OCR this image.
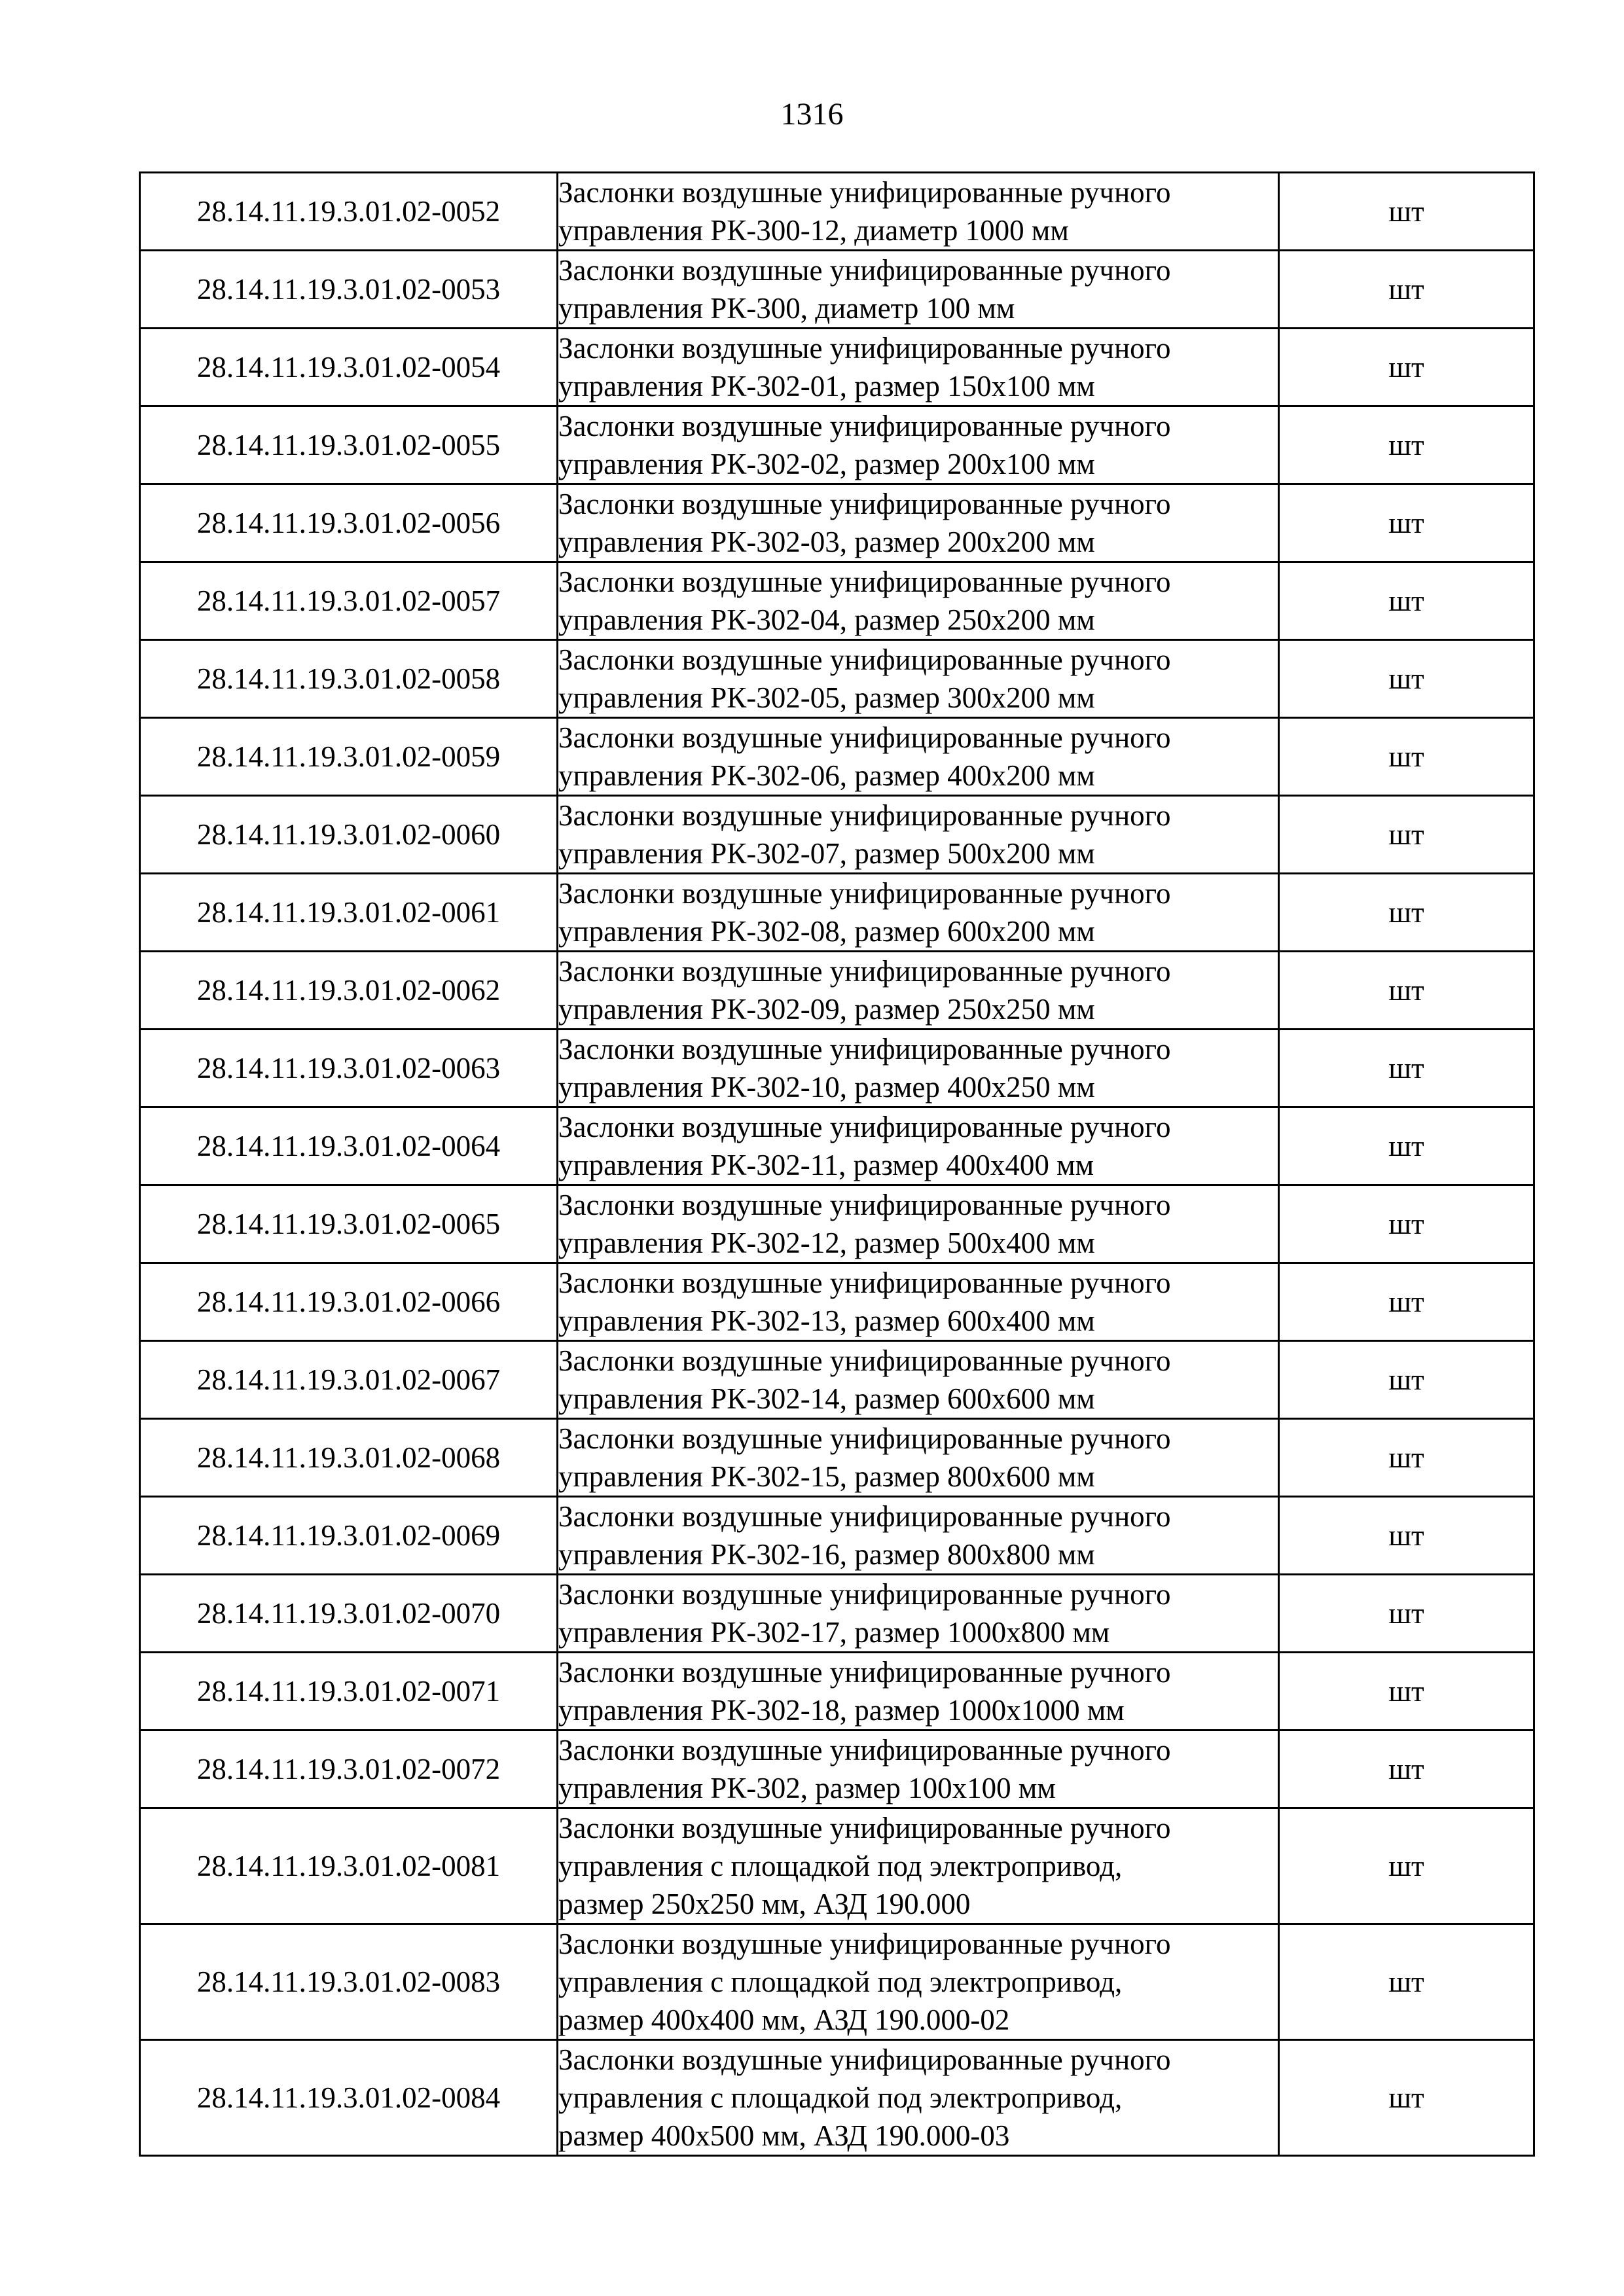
1316
28.14.11.19.3.01.02-0052	Заслонки воздушные унифицированные ручного
управления РК-300-12, диаметр 1000 мм	шт
28.14.11.19.3.01.02-0053	Заслонки воздушные унифицированные ручного
управления РК-300, диаметр 100 мм	шт
28.14.11.19.3.01.02-0054	Заслонки воздушные унифицированные ручного
управления РК-302-01, размер 150х100 мм	шт
28.14.11.19.3.01.02-0055	Заслонки воздушные унифицированные ручного
управления РК-302-02, размер 200х100 мм	шт
28.14.11.19.3.01.02-0056	Заслонки воздушные унифицированные ручного
управления РК-302-03, размер 200х200 мм	шт
28.14.11.19.3.01.02-0057	Заслонки воздушные унифицированные ручного
управления РК-302-04, размер 250х200 мм	шт
28.14.11.19.3.01.02-0058	Заслонки воздушные унифицированные ручного
управления РК-302-05, размер 300х200 мм	шт
28.14.11.19.3.01.02-0059	Заслонки воздушные унифицированные ручного
управления РК-302-06, размер 400х200 мм	шт
28.14.11.19.3.01.02-0060	Заслонки воздушные унифицированные ручного
управления РК-302-07, размер 500х200 мм	шт
28.14.11.19.3.01.02-0061	Заслонки воздушные унифицированные ручного
управления РК-302-08, размер 600х200 мм	шт
28.14.11.19.3.01.02-0062	Заслонки воздушные унифицированные ручного
управления РК-302-09, размер 250х250 мм	шт
28.14.11.19.3.01.02-0063	Заслонки воздушные унифицированные ручного
управления РК-302-10, размер 400х250 мм	шт
28.14.11.19.3.01.02-0064	Заслонки воздушные унифицированные ручного
управления РК-302-11, размер 400х400 мм	шт
28.14.11.19.3.01.02-0065	Заслонки воздушные унифицированные ручного
управления РК-302-12, размер 500х400 мм	шт
28.14.11.19.3.01.02-0066	Заслонки воздушные унифицированные ручного
управления РК-302-13, размер 600х400 мм	шт
28.14.11.19.3.01.02-0067	Заслонки воздушные унифицированные ручного
управления РК-302-14, размер 600х600 мм	шт
28.14.11.19.3.01.02-0068	Заслонки воздушные унифицированные ручного
управления РК-302-15, размер 800х600 мм	шт
28.14.11.19.3.01.02-0069	Заслонки воздушные унифицированные ручного
управления РК-302-16, размер 800х800 мм	шт
28.14.11.19.3.01.02-0070	Заслонки воздушные унифицированные ручного
управления РК-302-17, размер 1000х800 мм	шт
28.14.11.19.3.01.02-0071	Заслонки воздушные унифицированные ручного
управления РК-302-18, размер 1000х1000 мм	шт
28.14.11.19.3.01.02-0072	Заслонки воздушные унифицированные ручного
управления РК-302, размер 100х100 мм	шт
28.14.11.19.3.01.02-0081	Заслонки воздушные унифицированные ручного
управления с площадкой под электропривод,
размер 250х250 мм, АЗД 190.000	шт
28.14.11.19.3.01.02-0083	Заслонки воздушные унифицированные ручного
управления с площадкой под электропривод,
размер 400х400 мм, АЗД 190.000-02	шт
28.14.11.19.3.01.02-0084	Заслонки воздушные унифицированные ручного
управления с площадкой под электропривод,
размер 400х500 мм, АЗД 190.000-03	шт
